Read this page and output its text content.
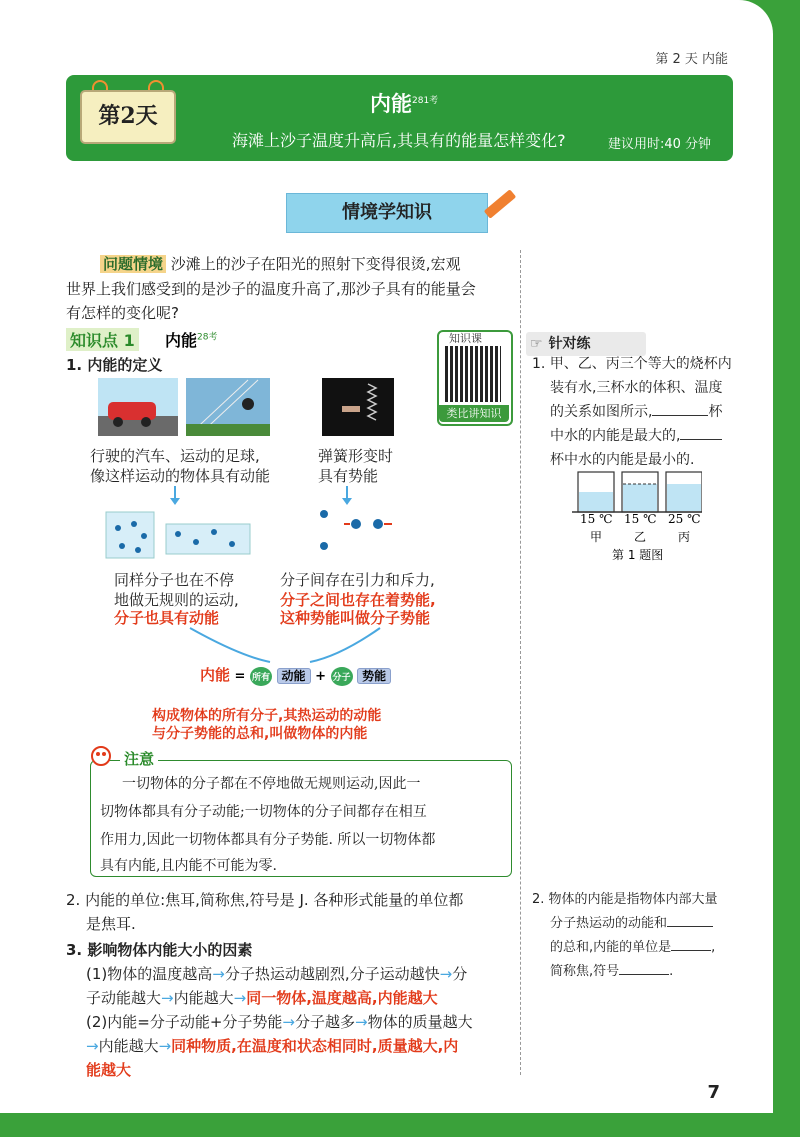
第 2 天 内能
第2天	内能$^{281考}$
海滩上沙子温度升高后,其具有的能量怎样变化?	建议用时:40 分钟
情境学知识
问题情境 沙滩上的沙子在阳光的照射下变得很烫,宏观
世界上我们感受到的是沙子的温度升高了,那沙子具有的能量会
有怎样的变化呢?
知识点 1 内能$^{28考}$	知识课
类比讲知识
1. 内能的定义
行驶的汽车、运动的足球,
像这样运动的物体具有动能
弹簧形变时
具有势能
同样分子也在不停
地做无规则的运动,
分子也具有动能
分子间存在引力和斥力,
分子之间也存在着势能,
这种势能叫做分子势能
内能 = 所有 动能 + 分子 势能
构成物体的所有分子,其热运动的动能
与分子势能的总和,叫做物体的内能
注意
一切物体的分子都在不停地做无规则运动,因此一
切物体都具有分子动能;一切物体的分子间都存在相互
作用力,因此一切物体都具有分子势能. 所以一切物体都
具有内能,且内能不可能为零.
2. 内能的单位:焦耳,简称焦,符号是 J. 各种形式能量的单位都
是焦耳.
3. 影响物体内能大小的因素
(1)物体的温度越高→分子热运动越剧烈,分子运动越快→分
子动能越大→内能越大→同一物体,温度越高,内能越大
(2)内能=分子动能+分子势能→分子越多→物体的质量越大
→内能越大→同种物质,在温度和状态相同时,质量越大,内
能越大
☞ 针对练
1. 甲、乙、丙三个等大的烧杯内
装有水,三杯水的体积、温度
的关系如图所示,	杯
中水的内能是最大的,
杯中水的内能是最小的.
15 ℃ 15 ℃ 25 ℃
甲	乙	丙
第 1 题图
2. 物体的内能是指物体内部大量
分子热运动的动能和
的总和,内能的单位是	,
简称焦,符号	.
7
